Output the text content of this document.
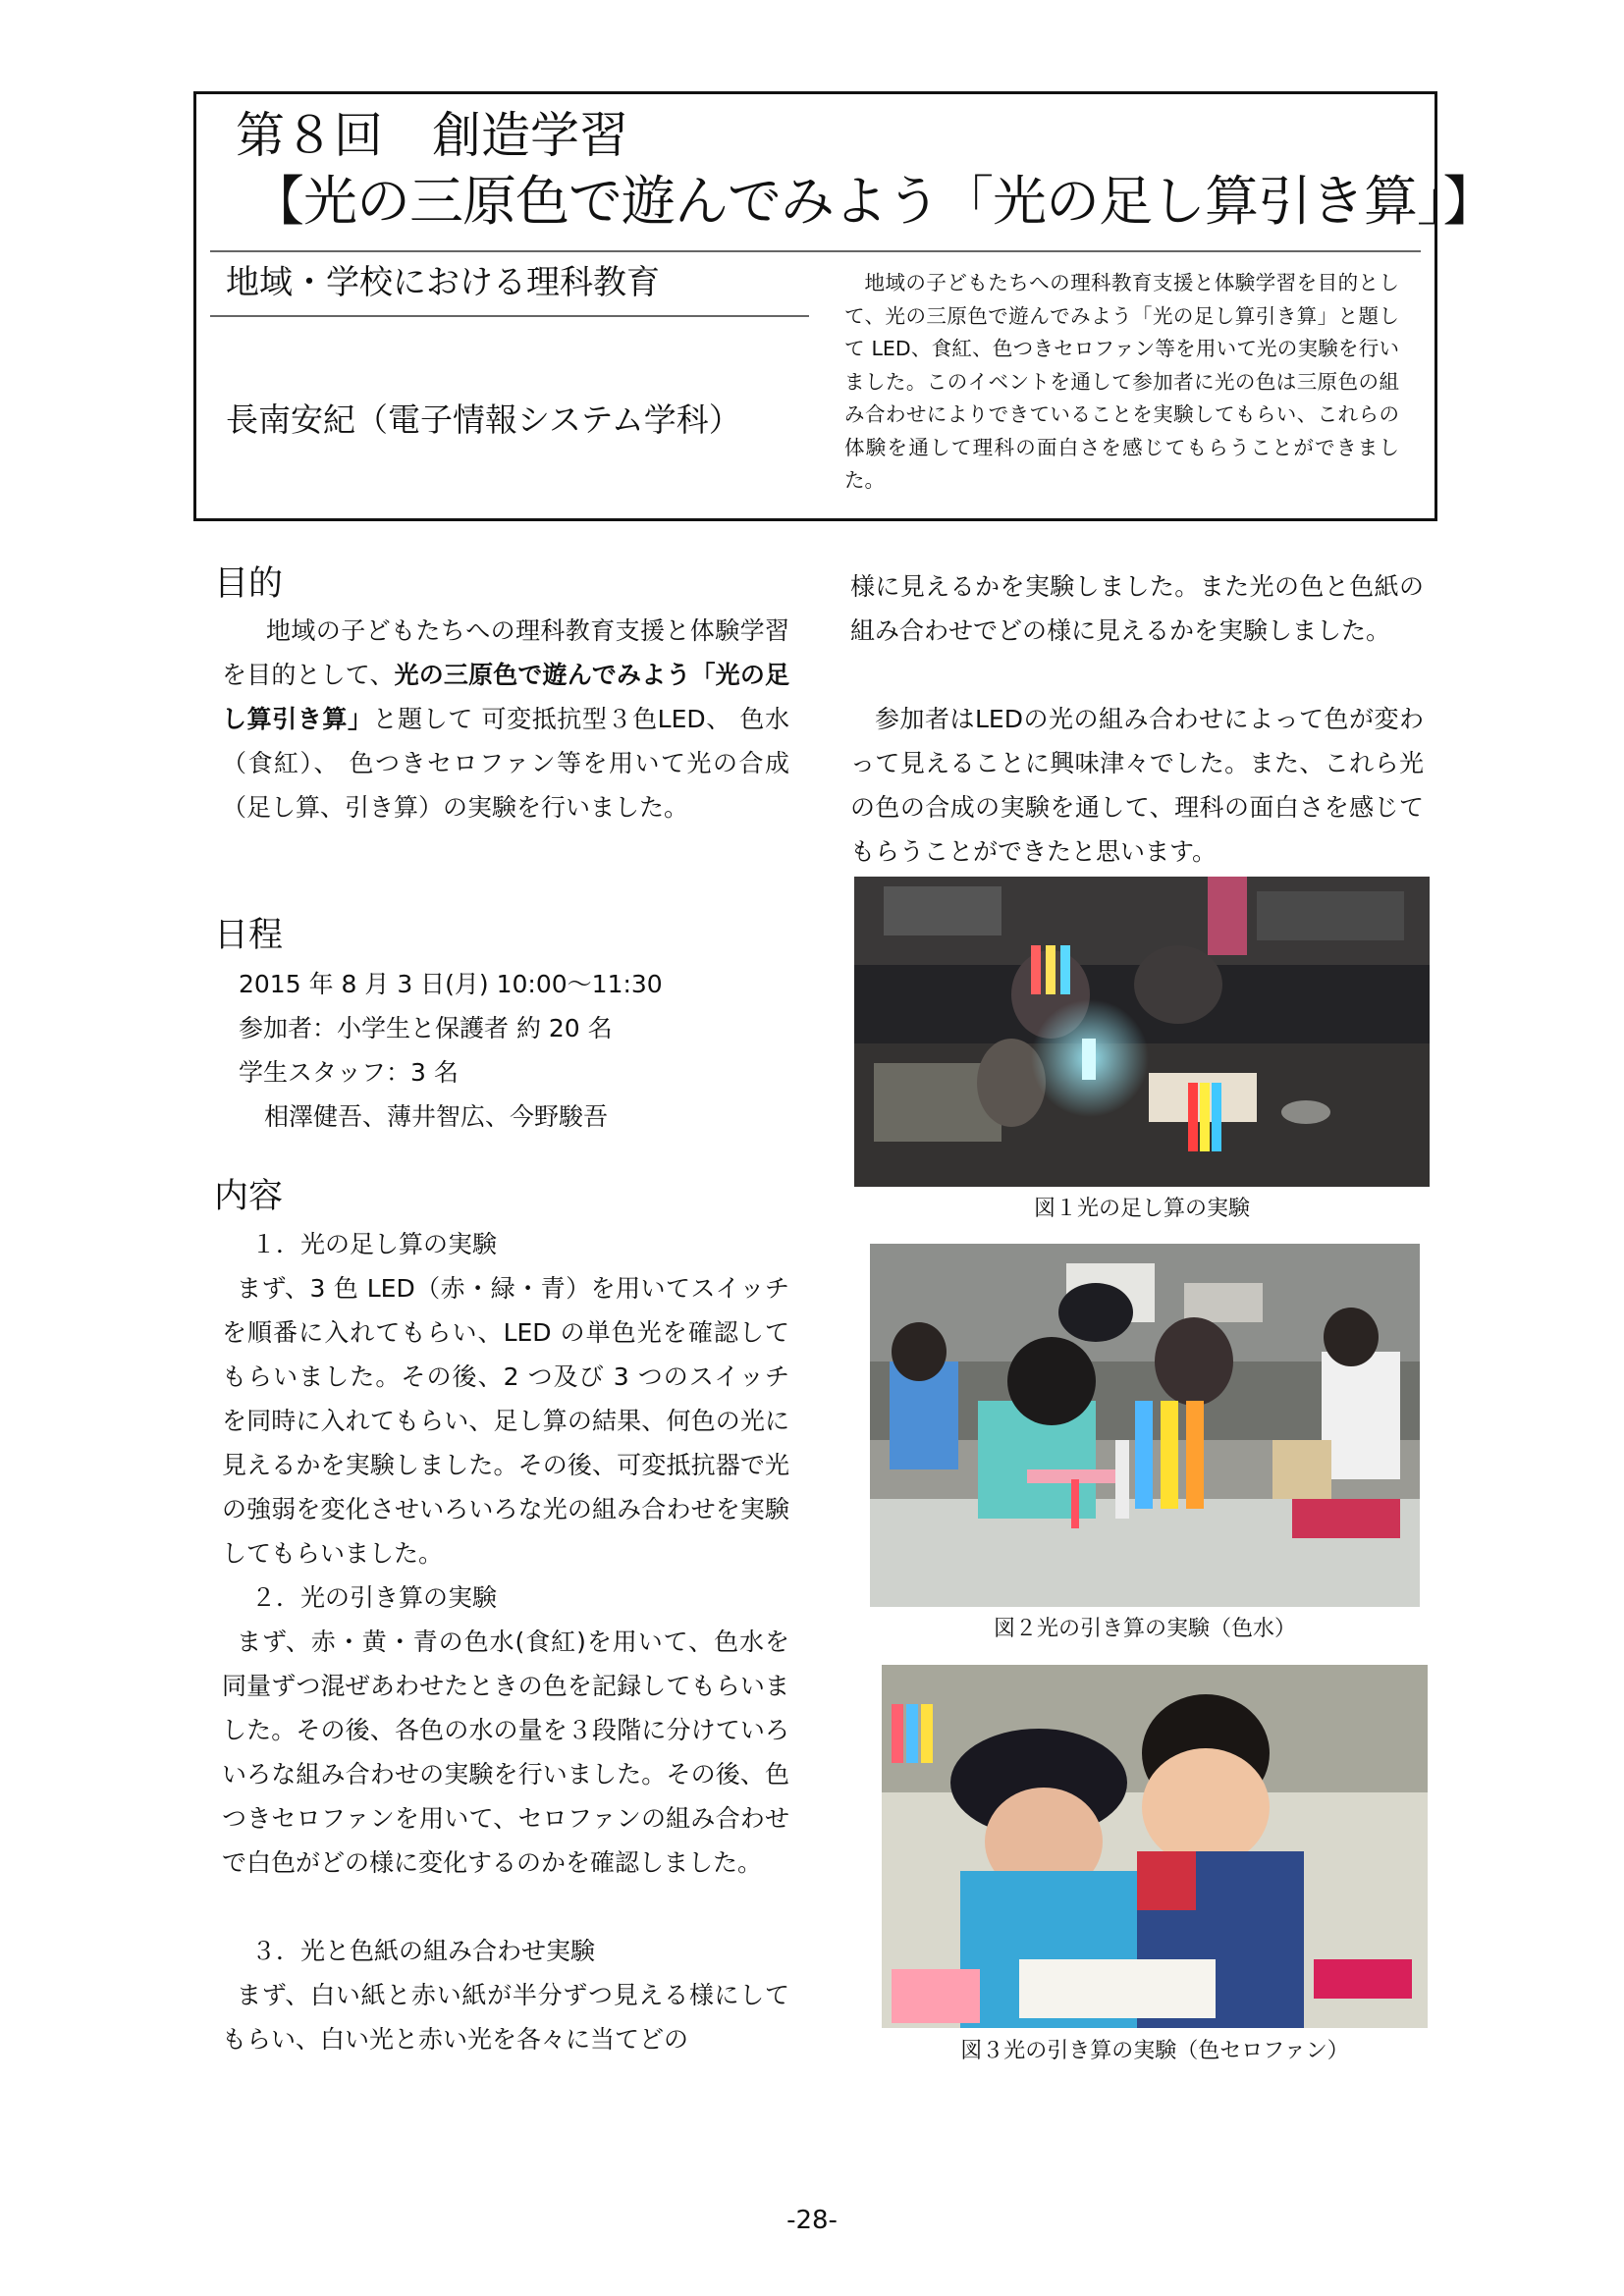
第８回　創造学習
【光の三原色で遊んでみよう「光の足し算引き算」】
地域・学校における理科教育
長南安紀（電子情報システム学科）

地域の子どもたちへの理科教育支援と体験学習を目的として、光の三原色で遊んでみよう「光の足し算引き算」と題して LED、食紅、色つきセロファン等を用いて光の実験を行いました。このイベントを通して参加者に光の色は三原色の組み合わせによりできていることを実験してもらい、これらの体験を通して理科の面白さを感じてもらうことができました。

目的

地域の子どもたちへの理科教育支援と体験学習を目的として、光の三原色で遊んでみよう「光の足し算引き算」と題して 可変抵抗型３色LED、 色水（食紅）、 色つきセロファン等を用いて光の合成（足し算、引き算）の実験を行いました。

日程
2015 年 8 月 3 日(月) 10:00～11:30
参加者：小学生と保護者 約 20 名
学生スタッフ：3 名
相澤健吾、薄井智広、今野駿吾
内容
１．光の足し算の実験

まず、3 色 LED（赤・緑・青）を用いてスイッチを順番に入れてもらい、LED の単色光を確認してもらいました。その後、2 つ及び 3 つのスイッチを同時に入れてもらい、足し算の結果、何色の光に見えるかを実験しました。その後、可変抵抗器で光の強弱を変化させいろいろな光の組み合わせを実験してもらいました。

２．光の引き算の実験

まず、赤・黄・青の色水(食紅)を用いて、色水を同量ずつ混ぜあわせたときの色を記録してもらいました。その後、各色の水の量を３段階に分けていろいろな組み合わせの実験を行いました。その後、色つきセロファンを用いて、セロファンの組み合わせで白色がどの様に変化するのかを確認しました。

３．光と色紙の組み合わせ実験

まず、白い紙と赤い紙が半分ずつ見える様にしてもらい、白い光と赤い光を各々に当てどの

様に見えるかを実験しました。また光の色と色紙の組み合わせでどの様に見えるかを実験しました。

参加者はLEDの光の組み合わせによって色が変わって見えることに興味津々でした。また、これら光の色の合成の実験を通して、理科の面白さを感じてもらうことができたと思います。

図１光の足し算の実験
図２光の引き算の実験（色水）
図３光の引き算の実験（色セロファン）
-28-
